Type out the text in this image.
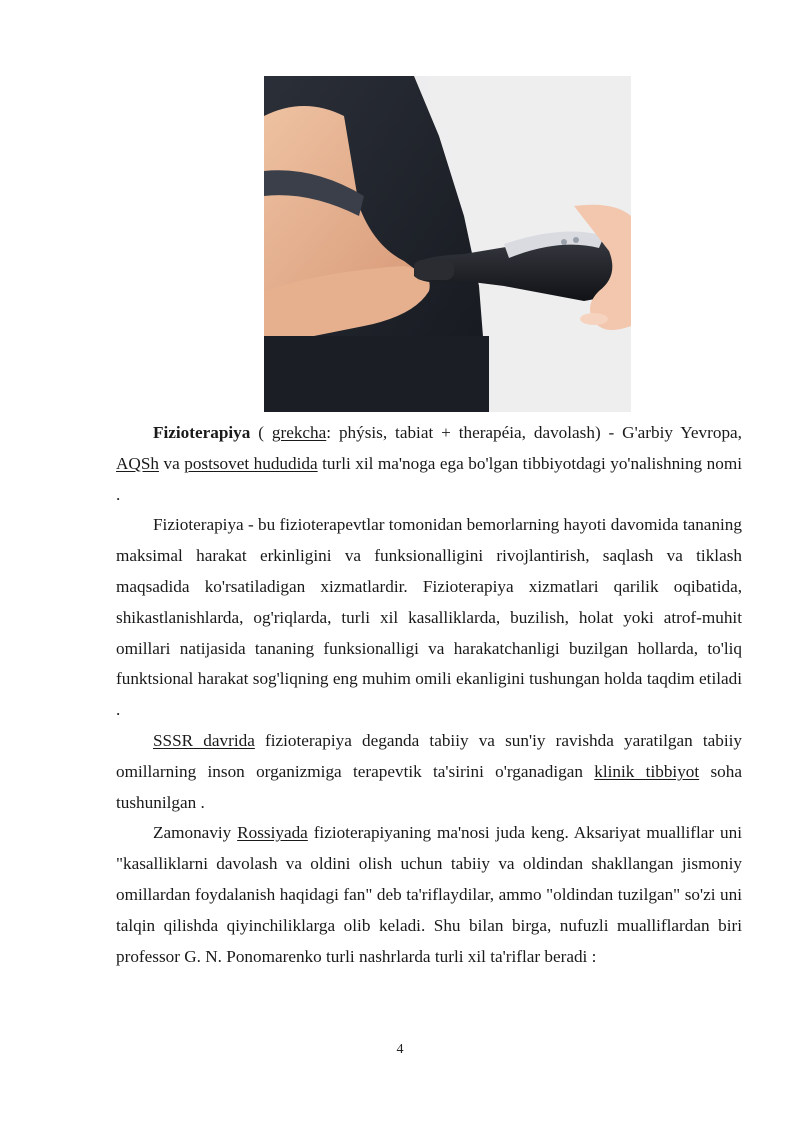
Fizioterapiya ( grekcha: phýsis, tabiat + therapéia, davolash) - G'arbiy Yevropa, AQSh va postsovet hududida turli xil ma'noga ega bo'lgan tibbiyotdagi yo'nalishning nomi .

Fizioterapiya - bu fizioterapevtlar tomonidan bemorlarning hayoti davomida tananing maksimal harakat erkinligini va funksionalligini rivojlantirish, saqlash va tiklash maqsadida ko'rsatiladigan xizmatlardir. Fizioterapiya xizmatlari qarilik oqibatida, shikastlanishlarda, og'riqlarda, turli xil kasalliklarda, buzilish, holat yoki atrof-muhit omillari natijasida tananing funksionalligi va harakatchanligi buzilgan hollarda, to'liq funktsional harakat sog'liqning eng muhim omili ekanligini tushungan holda taqdim etiladi .

SSSR davrida fizioterapiya deganda tabiiy va sun'iy ravishda yaratilgan tabiiy omillarning inson organizmiga terapevtik ta'sirini o'rganadigan klinik tibbiyot soha tushunilgan .

Zamonaviy Rossiyada fizioterapiyaning ma'nosi juda keng. Aksariyat mualliflar uni "kasalliklarni davolash va oldini olish uchun tabiiy va oldindan shakllangan jismoniy omillardan foydalanish haqidagi fan" deb ta'riflaydilar, ammo "oldindan tuzilgan" so'zi uni talqin qilishda qiyinchiliklarga olib keladi. Shu bilan birga, nufuzli mualliflardan biri professor G. N. Ponomarenko turli nashrlarda turli xil ta'riflar beradi :

4
